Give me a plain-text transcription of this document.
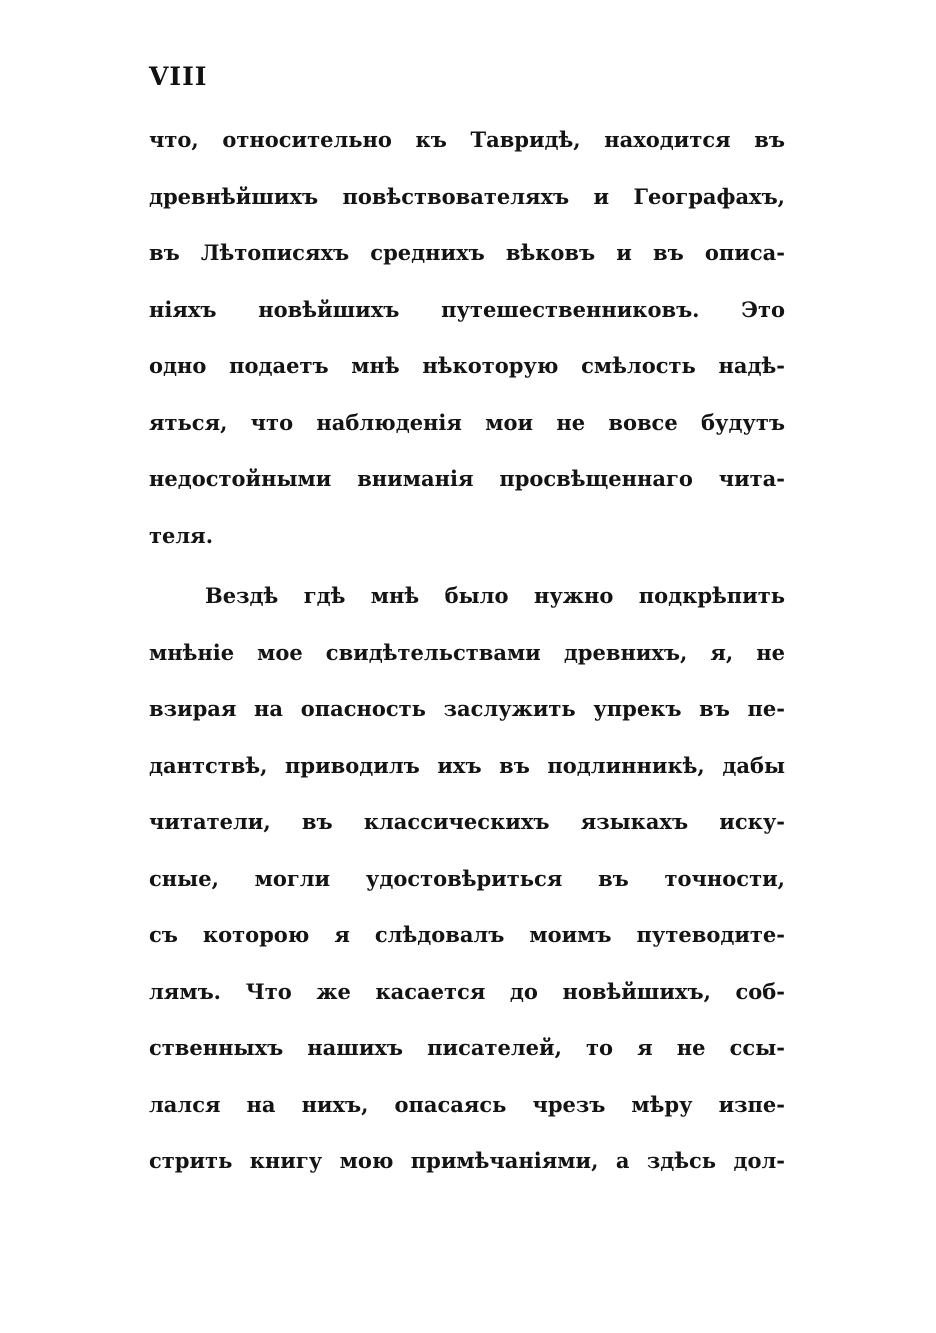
VIII
что, относительно къ Тавридѣ, находится въ
древнѣйшихъ повѣствователяхъ и Географахъ,
въ Лѣтописяхъ среднихъ вѣковъ и въ описа-
ніяхъ новѣйшихъ путешественниковъ. Это
одно подаетъ мнѣ нѣкоторую смѣлость надѣ-
яться, что наблюденія мои не вовсе будутъ
недостойными вниманія просвѣщеннаго чита-
теля.
Вездѣ гдѣ мнѣ было нужно подкрѣпить
мнѣніе мое свидѣтельствами древнихъ, я, не
взирая на опасность заслужить упрекъ въ пе-
дантствѣ, приводилъ ихъ въ подлинникѣ, дабы
читатели, въ классическихъ языкахъ иску-
сные, могли удостовѣриться въ точности,
съ которою я слѣдовалъ моимъ путеводите-
лямъ. Что же касается до новѣйшихъ, соб-
ственныхъ нашихъ писателей, то я не ссы-
лался на нихъ, опасаясь чрезъ мѣру изпе-
стрить книгу мою примѣчаніями, а здѣсь дол-
